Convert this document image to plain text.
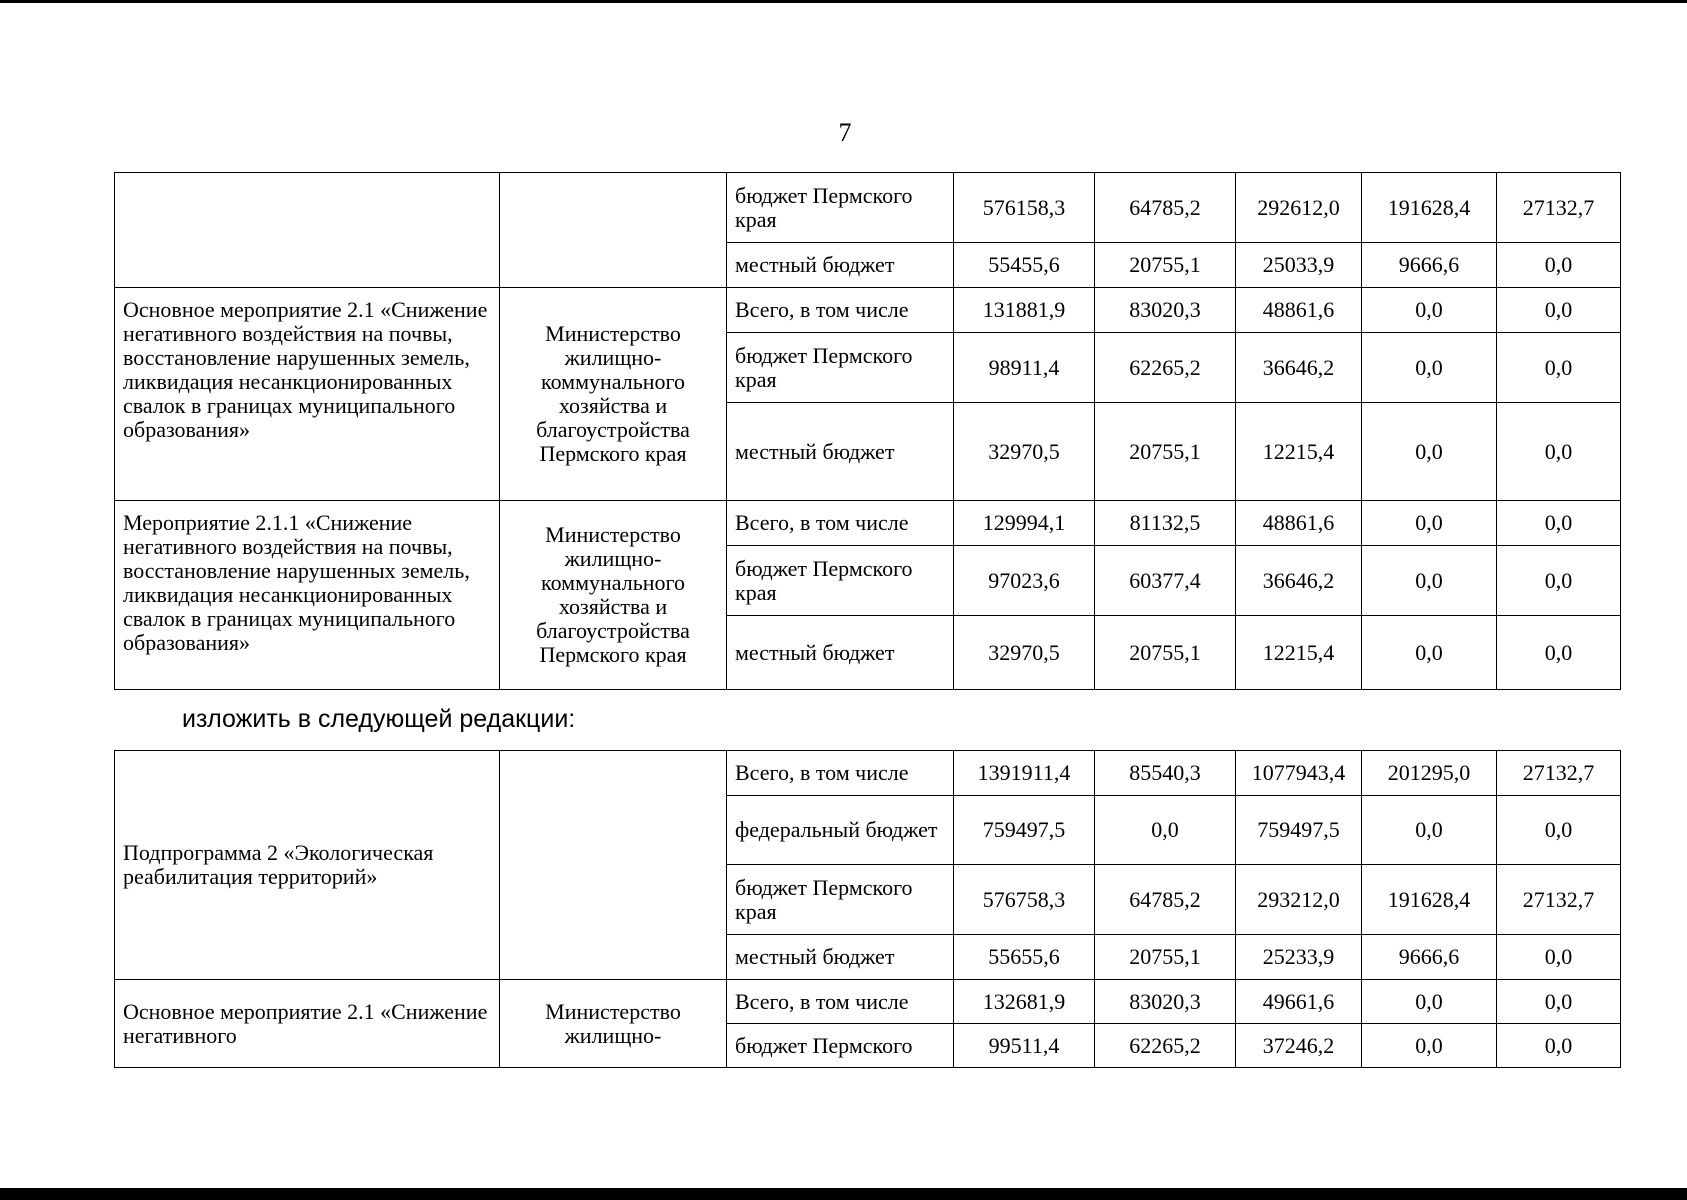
7
		бюджет Пермского края	576158,3	64785,2	292612,0	191628,4	27132,7
		местный бюджет	55455,6	20755,1	25033,9	9666,6	0,0
Основное мероприятие 2.1 «Снижение негативного воздействия на почвы, восстановление нарушенных земель, ликвидация несанкционированных свалок в границах муниципального образования»	Министерство жилищно-коммунального хозяйства и благоустройства Пермского края	Всего, в том числе	131881,9	83020,3	48861,6	0,0	0,0
		бюджет Пермского края	98911,4	62265,2	36646,2	0,0	0,0
		местный бюджет	32970,5	20755,1	12215,4	0,0	0,0
Мероприятие 2.1.1 «Снижение негативного воздействия на почвы, восстановление нарушенных земель, ликвидация несанкционированных свалок в границах муниципального образования»	Министерство жилищно-коммунального хозяйства и благоустройства Пермского края	Всего, в том числе	129994,1	81132,5	48861,6	0,0	0,0
		бюджет Пермского края	97023,6	60377,4	36646,2	0,0	0,0
		местный бюджет	32970,5	20755,1	12215,4	0,0	0,0
изложить в следующей редакции:
Подпрограмма 2 «Экологическая реабилитация территорий»		Всего, в том числе	1391911,4	85540,3	1077943,4	201295,0	27132,7
		федеральный бюджет	759497,5	0,0	759497,5	0,0	0,0
		бюджет Пермского края	576758,3	64785,2	293212,0	191628,4	27132,7
		местный бюджет	55655,6	20755,1	25233,9	9666,6	0,0
Основное мероприятие 2.1 «Снижение негативного	Министерство жилищно-	Всего, в том числе	132681,9	83020,3	49661,6	0,0	0,0
		бюджет Пермского	99511,4	62265,2	37246,2	0,0	0,0
